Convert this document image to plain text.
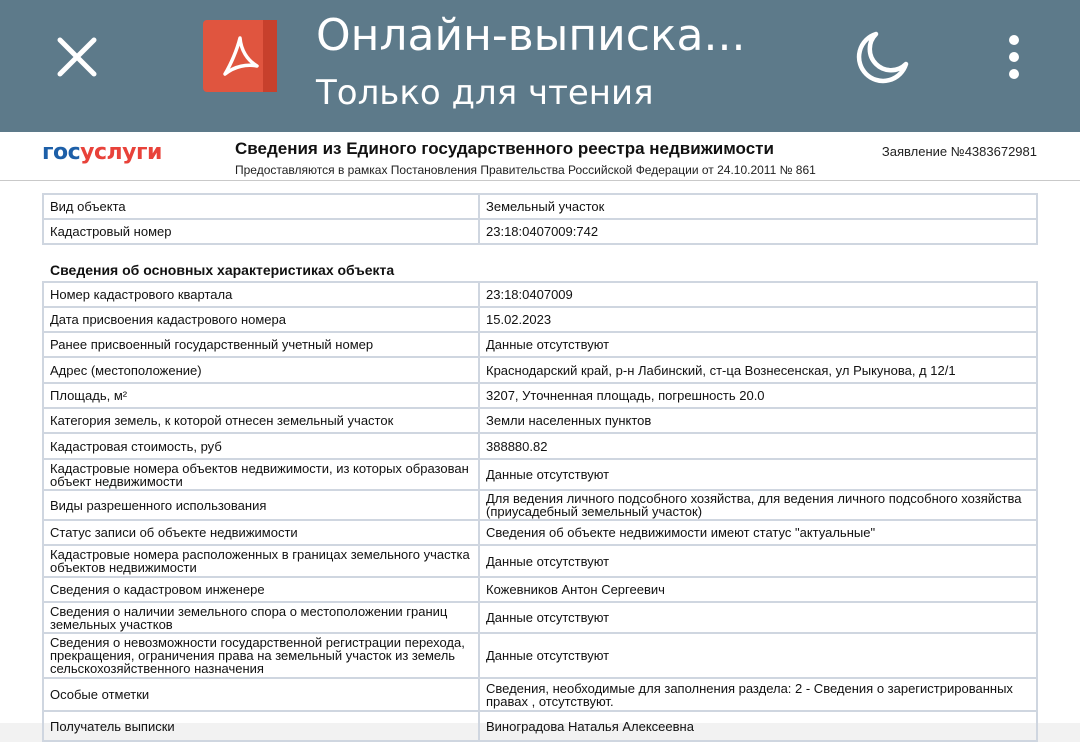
Онлайн-выписка...
Только для чтения
госуслуги	Сведения из Единого государственного реестра недвижимости
Предоставляются в рамках Постановления Правительства Российской Федерации от 24.10.2011 № 861
Заявление №4383672981
Вид объекта	Земельный участок
Кадастровый номер	23:18:0407009:742
Сведения об основных характеристиках объекта
Номер кадастрового квартала	23:18:0407009
Дата присвоения кадастрового номера	15.02.2023
Ранее присвоенный государственный учетный номер	Данные отсутствуют
Адрес (местоположение)	Краснодарский край, р-н Лабинский, ст-ца Вознесенская, ул Рыкунова, д 12/1
Площадь, м²	3207, Уточненная площадь, погрешность 20.0
Категория земель, к которой отнесен земельный участок	Земли населенных пунктов
Кадастровая стоимость, руб	388880.82
Кадастровые номера объектов недвижимости, из которых образован объект недвижимости	Данные отсутствуют
Виды разрешенного использования	Для ведения личного подсобного хозяйства, для ведения личного подсобного хозяйства (приусадебный земельный участок)
Статус записи об объекте недвижимости	Сведения об объекте недвижимости имеют статус "актуальные"
Кадастровые номера расположенных в границах земельного участка объектов недвижимости	Данные отсутствуют
Сведения о кадастровом инженере	Кожевников Антон Сергеевич
Сведения о наличии земельного спора о местоположении границ земельных участков	Данные отсутствуют
Сведения о невозможности государственной регистрации перехода, прекращения, ограничения права на земельный участок из земель сельскохозяйственного назначения	Данные отсутствуют
Особые отметки	Сведения, необходимые для заполнения раздела: 2 - Сведения о зарегистрированных правах , отсутствуют.
Получатель выписки	Виноградова Наталья Алексеевна
